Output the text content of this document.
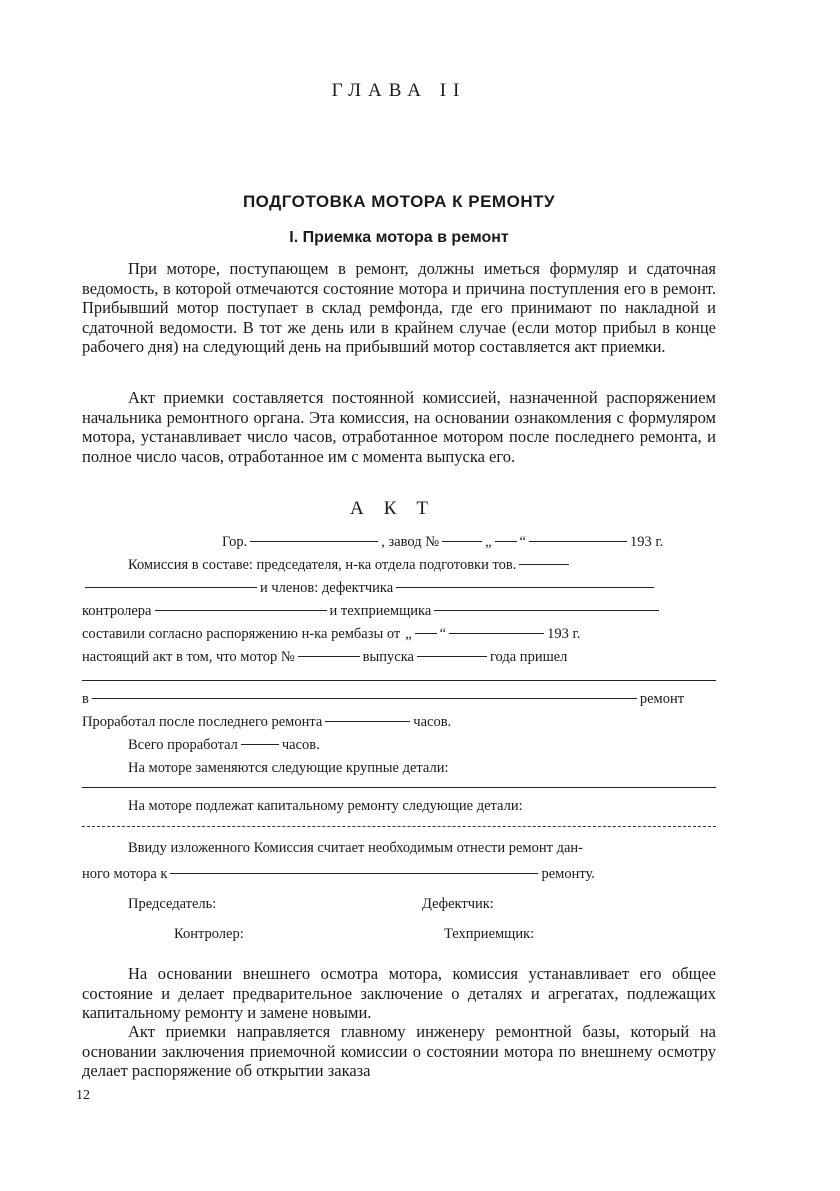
ГЛАВА II
ПОДГОТОВКА МОТОРА К РЕМОНТУ
I. Приемка мотора в ремонт

При моторе, поступающем в ремонт, должны иметься формуляр и сдаточная ведомость, в которой отмечаются состояние мотора и причина поступления его в ремонт. Прибывший мотор поступает в склад ремфонда, где его принимают по накладной и сдаточной ведомости. В тот же день или в крайнем случае (если мотор прибыл в конце рабочего дня) на следующий день на прибывший мотор составляется акт приемки.

Акт приемки составляется постоянной комиссией, назначенной распоряжением начальника ремонтного органа. Эта комиссия, на основании ознакомления с формуляром мотора, устанавливает число часов, отработанное мотором после последнего ремонта, и полное число часов, отработанное им с момента выпуска его.

АКТ
Гор.	, завод №	„ “	193 г.
Комиссия в составе: председателя, н-ка отдела подготовки тов.
и членов: дефектчика
контролера	и техприемщика
составили согласно распоряжению н-ка рембазы от „ “	193 г.
настоящий акт в том, что мотор №	выпуска	года пришел
в	ремонт
Проработал после последнего ремонта	часов.
Всего проработал	часов.
На моторе заменяются следующие крупные детали:
На моторе подлежат капитальному ремонту следующие детали:
Ввиду изложенного Комиссия считает необходимым отнести ремонт дан-
ного мотора к	ремонту.
Председатель:	Дефектчик:
Контролер:	Техприемщик:

На основании внешнего осмотра мотора, комиссия устанавливает его общее состояние и делает предварительное заключение о деталях и агрегатах, подлежащих капитальному ремонту и замене новыми.

Акт приемки направляется главному инженеру ремонтной базы, который на основании заключения приемочной комиссии о состоянии мотора по внешнему осмотру делает распоряжение об открытии заказа

12
